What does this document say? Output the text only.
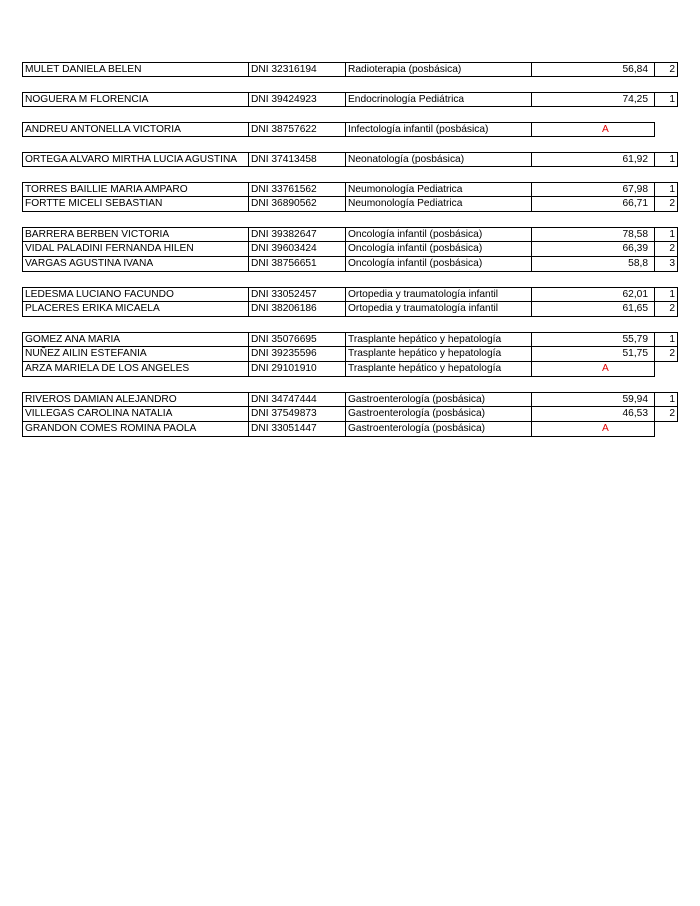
MULET DANIELA BELEN	DNI 32316194	Radioterapia (posbásica)	56,84	2
NOGUERA M FLORENCIA	DNI 39424923	Endocrinología Pediátrica	74,25	1
ANDREU ANTONELLA VICTORIA	DNI 38757622	Infectología infantil (posbásica)	A
ORTEGA ALVARO MIRTHA LUCIA AGUSTINA	DNI 37413458	Neonatología (posbásica)	61,92	1
TORRES BAILLIE MARIA AMPARO	DNI 33761562	Neumonología Pediatrica	67,98	1
FORTTE MICELI SEBASTIAN	DNI 36890562	Neumonología Pediatrica	66,71	2
BARRERA BERBEN VICTORIA	DNI 39382647	Oncología infantil (posbásica)	78,58	1
VIDAL PALADINI FERNANDA HILEN	DNI 39603424	Oncología infantil (posbásica)	66,39	2
VARGAS AGUSTINA IVANA	DNI 38756651	Oncología infantil (posbásica)	58,8	3
LEDESMA LUCIANO FACUNDO	DNI 33052457	Ortopedia y traumatología infantil	62,01	1
PLACERES ERIKA MICAELA	DNI 38206186	Ortopedia y traumatología infantil	61,65	2
GOMEZ ANA MARIA	DNI 35076695	Trasplante hepático y hepatología	55,79	1
NUÑEZ AILIN ESTEFANIA	DNI 39235596	Trasplante hepático y hepatología	51,75	2
ARZA MARIELA DE LOS ANGELES	DNI 29101910	Trasplante hepático y hepatología	A
RIVEROS DAMIAN ALEJANDRO	DNI 34747444	Gastroenterología (posbásica)	59,94	1
VILLEGAS CAROLINA NATALIA	DNI 37549873	Gastroenterología (posbásica)	46,53	2
GRANDON COMES ROMINA PAOLA	DNI 33051447	Gastroenterología (posbásica)	A
